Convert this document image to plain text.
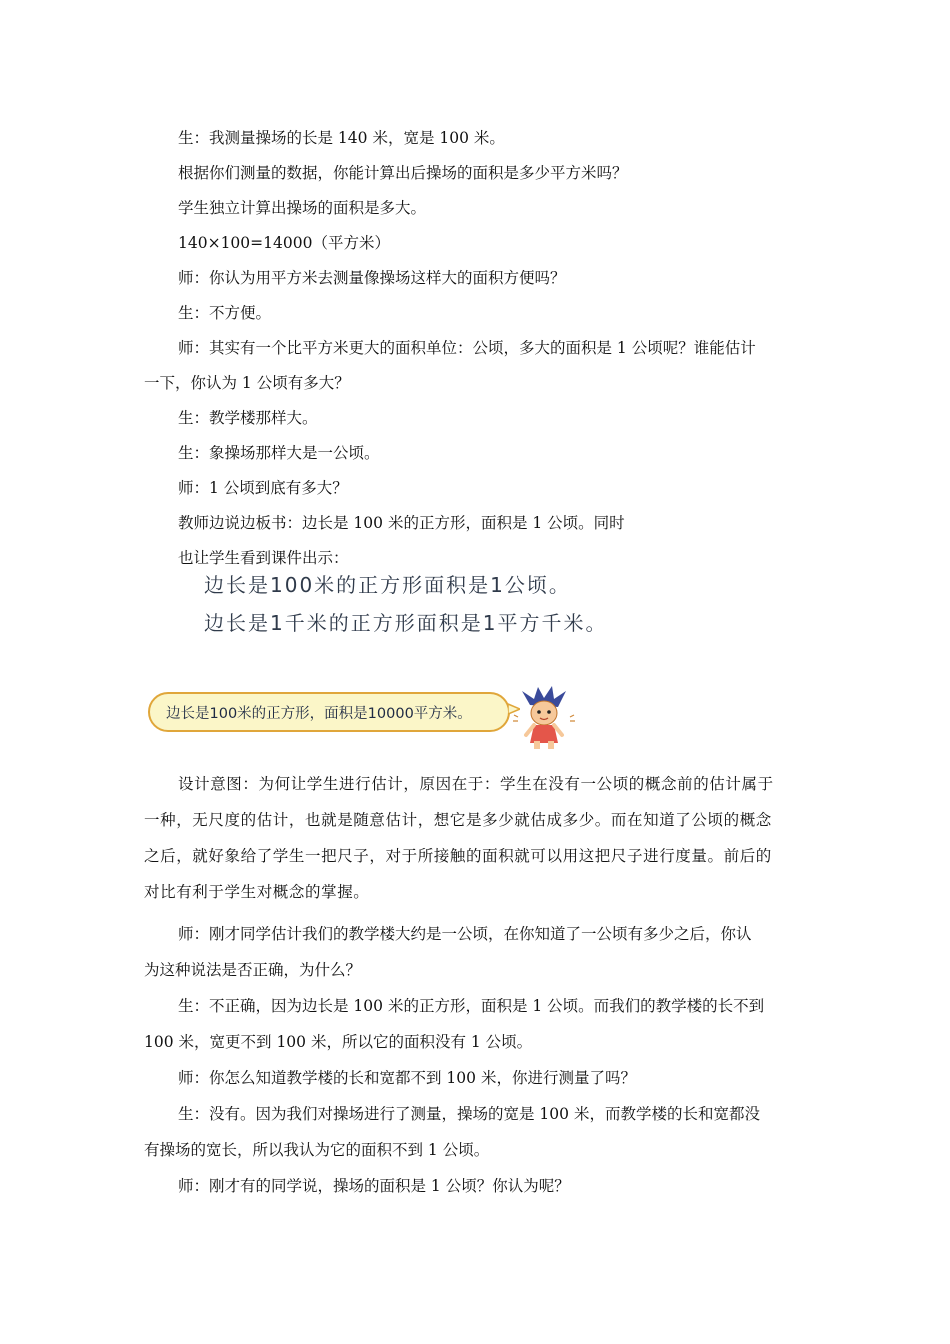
生：我测量操场的长是 140 米，宽是 100 米。
根据你们测量的数据，你能计算出后操场的面积是多少平方米吗？
学生独立计算出操场的面积是多大。
140×100=14000（平方米）
师：你认为用平方米去测量像操场这样大的面积方便吗？
生：不方便。
师：其实有一个比平方米更大的面积单位：公顷，多大的面积是 1 公顷呢？谁能估计
一下，你认为 1 公顷有多大？
生：教学楼那样大。
生：象操场那样大是一公顷。
师：1 公顷到底有多大？
教师边说边板书：边长是 100 米的正方形，面积是 1 公顷。同时
也让学生看到课件出示：
边长是100米的正方形面积是1公顷。
边长是1千米的正方形面积是1平方千米。
边长是100米的正方形，面积是10000平方米。
设计意图：为何让学生进行估计，原因在于：学生在没有一公顷的概念前的估计属于
一种，无尺度的估计，也就是随意估计，想它是多少就估成多少。而在知道了公顷的概念
之后，就好象给了学生一把尺子，对于所接触的面积就可以用这把尺子进行度量。前后的
对比有利于学生对概念的掌握。
师：刚才同学估计我们的教学楼大约是一公顷，在你知道了一公顷有多少之后，你认
为这种说法是否正确，为什么？
生：不正确，因为边长是 100 米的正方形，面积是 1 公顷。而我们的教学楼的长不到
100 米，宽更不到 100 米，所以它的面积没有 1 公顷。
师：你怎么知道教学楼的长和宽都不到 100 米，你进行测量了吗？
生：没有。因为我们对操场进行了测量，操场的宽是 100 米，而教学楼的长和宽都没
有操场的宽长，所以我认为它的面积不到 1 公顷。
师：刚才有的同学说，操场的面积是 1 公顷？你认为呢？
